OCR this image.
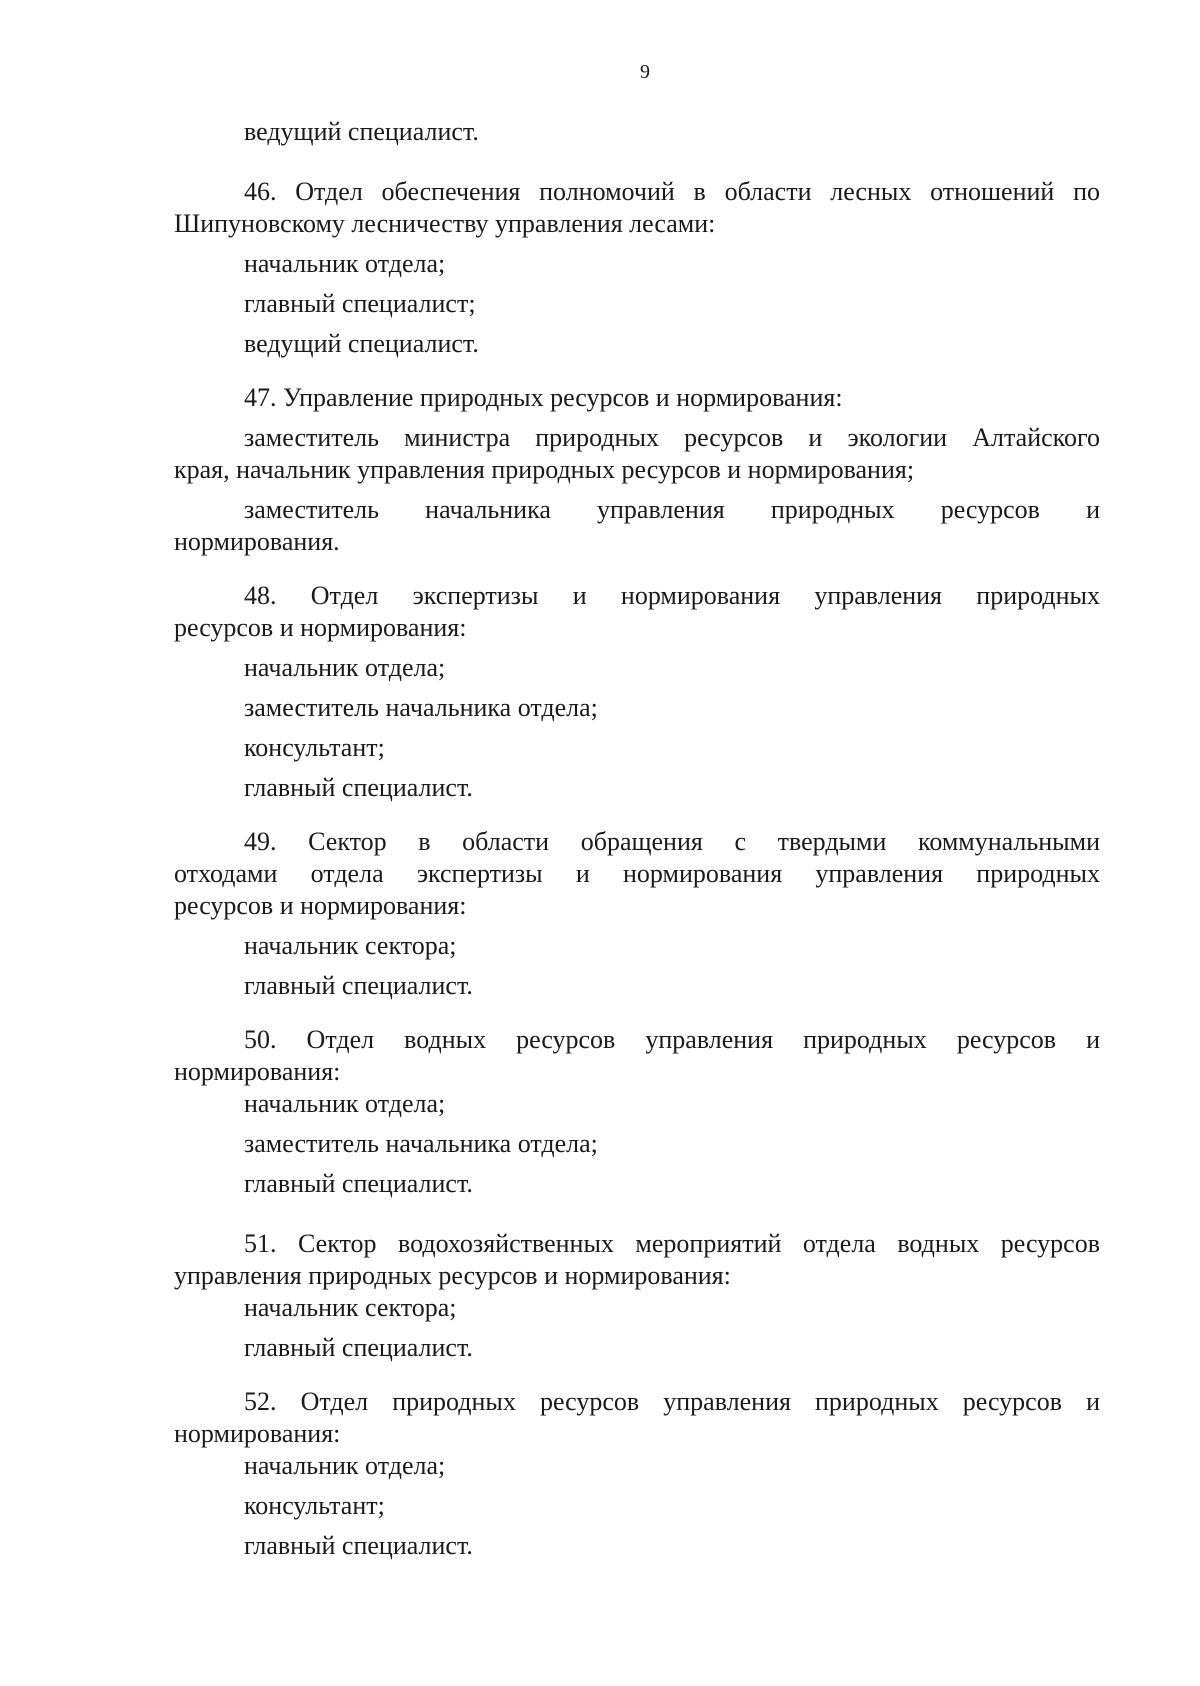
9

ведущий специалист.

46. Отдел обеспечения полномочий в области лесных отношений по

Шипуновскому лесничеству управления лесами:

начальник отдела;

главный специалист;

ведущий специалист.

47. Управление природных ресурсов и нормирования:

заместитель министра природных ресурсов и экологии Алтайского

края, начальник управления природных ресурсов и нормирования;

заместитель начальника управления природных ресурсов и

нормирования.

48. Отдел экспертизы и нормирования управления природных

ресурсов и нормирования:

начальник отдела;

заместитель начальника отдела;

консультант;

главный специалист.

49. Сектор в области обращения с твердыми коммунальными

отходами отдела экспертизы и нормирования управления природных

ресурсов и нормирования:

начальник сектора;

главный специалист.

50. Отдел водных ресурсов управления природных ресурсов и

нормирования:

начальник отдела;

заместитель начальника отдела;

главный специалист.

51. Сектор водохозяйственных мероприятий отдела водных ресурсов

управления природных ресурсов и нормирования:

начальник сектора;

главный специалист.

52. Отдел природных ресурсов управления природных ресурсов и

нормирования:

начальник отдела;

консультант;

главный специалист.
